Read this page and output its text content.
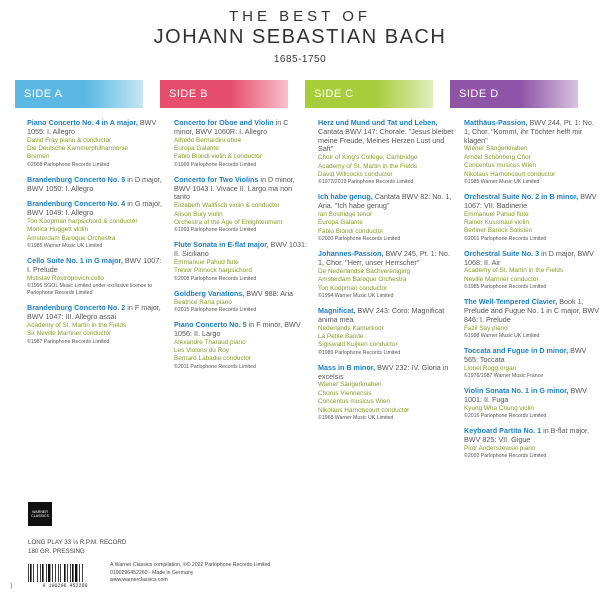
THE BEST OF
JOHANN SEBASTIAN BACH
1685-1750
SIDE A	SIDE B	SIDE C	SIDE D
Piano Concerto No. 4 in A major, BWV 1055: I. Allegro
David Fray piano & conductor
Die Deutsche Kammerphilharmonie
Bremen
©2008 Parlophone Records Limited
Brandenburg Concerto No. 5 in D major, BWV 1050: I. Allegro
Brandenburg Concerto No. 4 in G major, BWV 1049: I. Allegro
Ton Koopman harpsichord & conductor
Monica Huggett violin
Amsterdam Baroque Orchestra
©1985 Warner Music UK Limited
Cello Suite No. 1 in G major, BWV 1007: I. Prelude
Mstislav Rostropovich cello
©1995 SGOL Music Limited under exclusive licence to Parlophone Records Limited
Brandenburg Concerto No. 2 in F major, BWV 1047: III. Allegro assai
Academy of St. Martin in the Fields
Sir Neville Marriner conductor
©1987 Parlophone Records Limited
Concerto for Oboe and Violin in C minor, BWV 1060R: I. Allegro
Alfredo Bernardini oboe
Europa Galante
Fabio Biondi violin & conductor
©1999 Parlophone Records Limited
Concerto for Two Violins in D minor, BWV 1043 I. Vivace II. Largo ma non tanto
Elizabeth Wallfisch violin & conductor
Alison Bury violin
Orchestra of the Age of Enlightenment
©1993 Parlophone Records Limited
Flute Sonata in E-flat major, BWV 1031: II. Siciliano
Emmanuel Pahud flute
Trevor Pinnock harpsichord
©2008 Parlophone Records Limited
Goldberg Variations, BWV 988: Aria
Beatrice Rana piano
©2015 Parlophone Records Limited
Piano Concerto No. 5 in F minor, BWV 1056: II. Largo
Alexandre Tharaud piano
Les Violons du Roy
Bernard Labadie conductor
©2011 Parlophone Records Limited
Herz und Mund und Tat und Leben, Cantata BWV 147: Chorale. "Jesus bleibet meine Freude, Meines Herzen Lust und Saft"
Choir of King's College, Cambridge
Academy of St. Martin in the Fields
David Willcocks conductor
©1972/2019 Parlophone Records Limited
Ich habe genug, Cantata BWV 82: No. 1, Aria. "Ich habe genug"
Ian Bostridge tenor
Europa Galante
Fabio Biondi conductor
©2000 Parlophone Records Limited
Johannes-Passion, BWV 245, Pt. 1: No. 1, Chor. "Herr, unser Herrscher"
De Nederlandse Bachvereniging
Amsterdam Baroque Orchestra
Ton Koopman conductor
©1994 Warner Music UK Limited
Magnificat, BWV 243: Coro: Magnificat anima mea
Nederlands Kamerkoor
La Petite Bande
Sigiswald Kuijken conductor
©1989 Parlophone Records Limited
Mass in B minor, BWV 232: IV. Gloria in excelsis
Wiener Sängerknaben
Chorus Viennensis
Concentus musicus Wien
Nikolaus Harnoncourt conductor
©1968 Warner Music UK Limited
Matthäus-Passion, BWV 244, Pt. 1: No. 1, Chor. "Kommt, ihr Töchter helft mir klagen"
Wiener Sängerknaben
Arnold Schönberg Chor
Concentus musicus Wien
Nikolaus Harnoncourt conductor
©1985 Warner Music UK Limited
Orchestral Suite No. 2 in B minor, BWV 1067: VII. Badinerie
Emmanuel Pahud flute
Rainer Kussmaul violin
Berliner Barock Solisten
©2001 Parlophone Records Limited
Orchestral Suite No. 3 in D major, BWV 1068: II. Air
Academy of St. Martin in the Fields
Neville Marriner conductor
©1985 Parlophone Records Limited
The Well-Tempered Clavier, Book 1, Prelude and Fugue No. 1 in C major, BWV 846: I. Prelude
Fazil Say piano
©1998 Warner Music UK Limited
Toccata and Fugue in D minor, BWV 565: Toccata
Lionel Rogg organ
©1976/1987 Warner Music France
Violin Sonata No. 1 in G minor, BWV 1001: II. Fuga
Kyung Wha Chung violin
©2016 Parlophone Records Limited
Keyboard Partita No. 1 in B-flat major, BWV 825: VII. Gigue
Piotr Anderszewski piano
©2002 Parlophone Records Limited
WARNER CLASSICS
LONG PLAY 33 ⅓ R.P.M. RECORD
180 GR. PRESSING
0 190296 452260
A Warner Classics compilation, ℗© 2022 Parlophone Records Limited
0190296452260 · Made in Germany
www.warnerclassics.com
⟩
